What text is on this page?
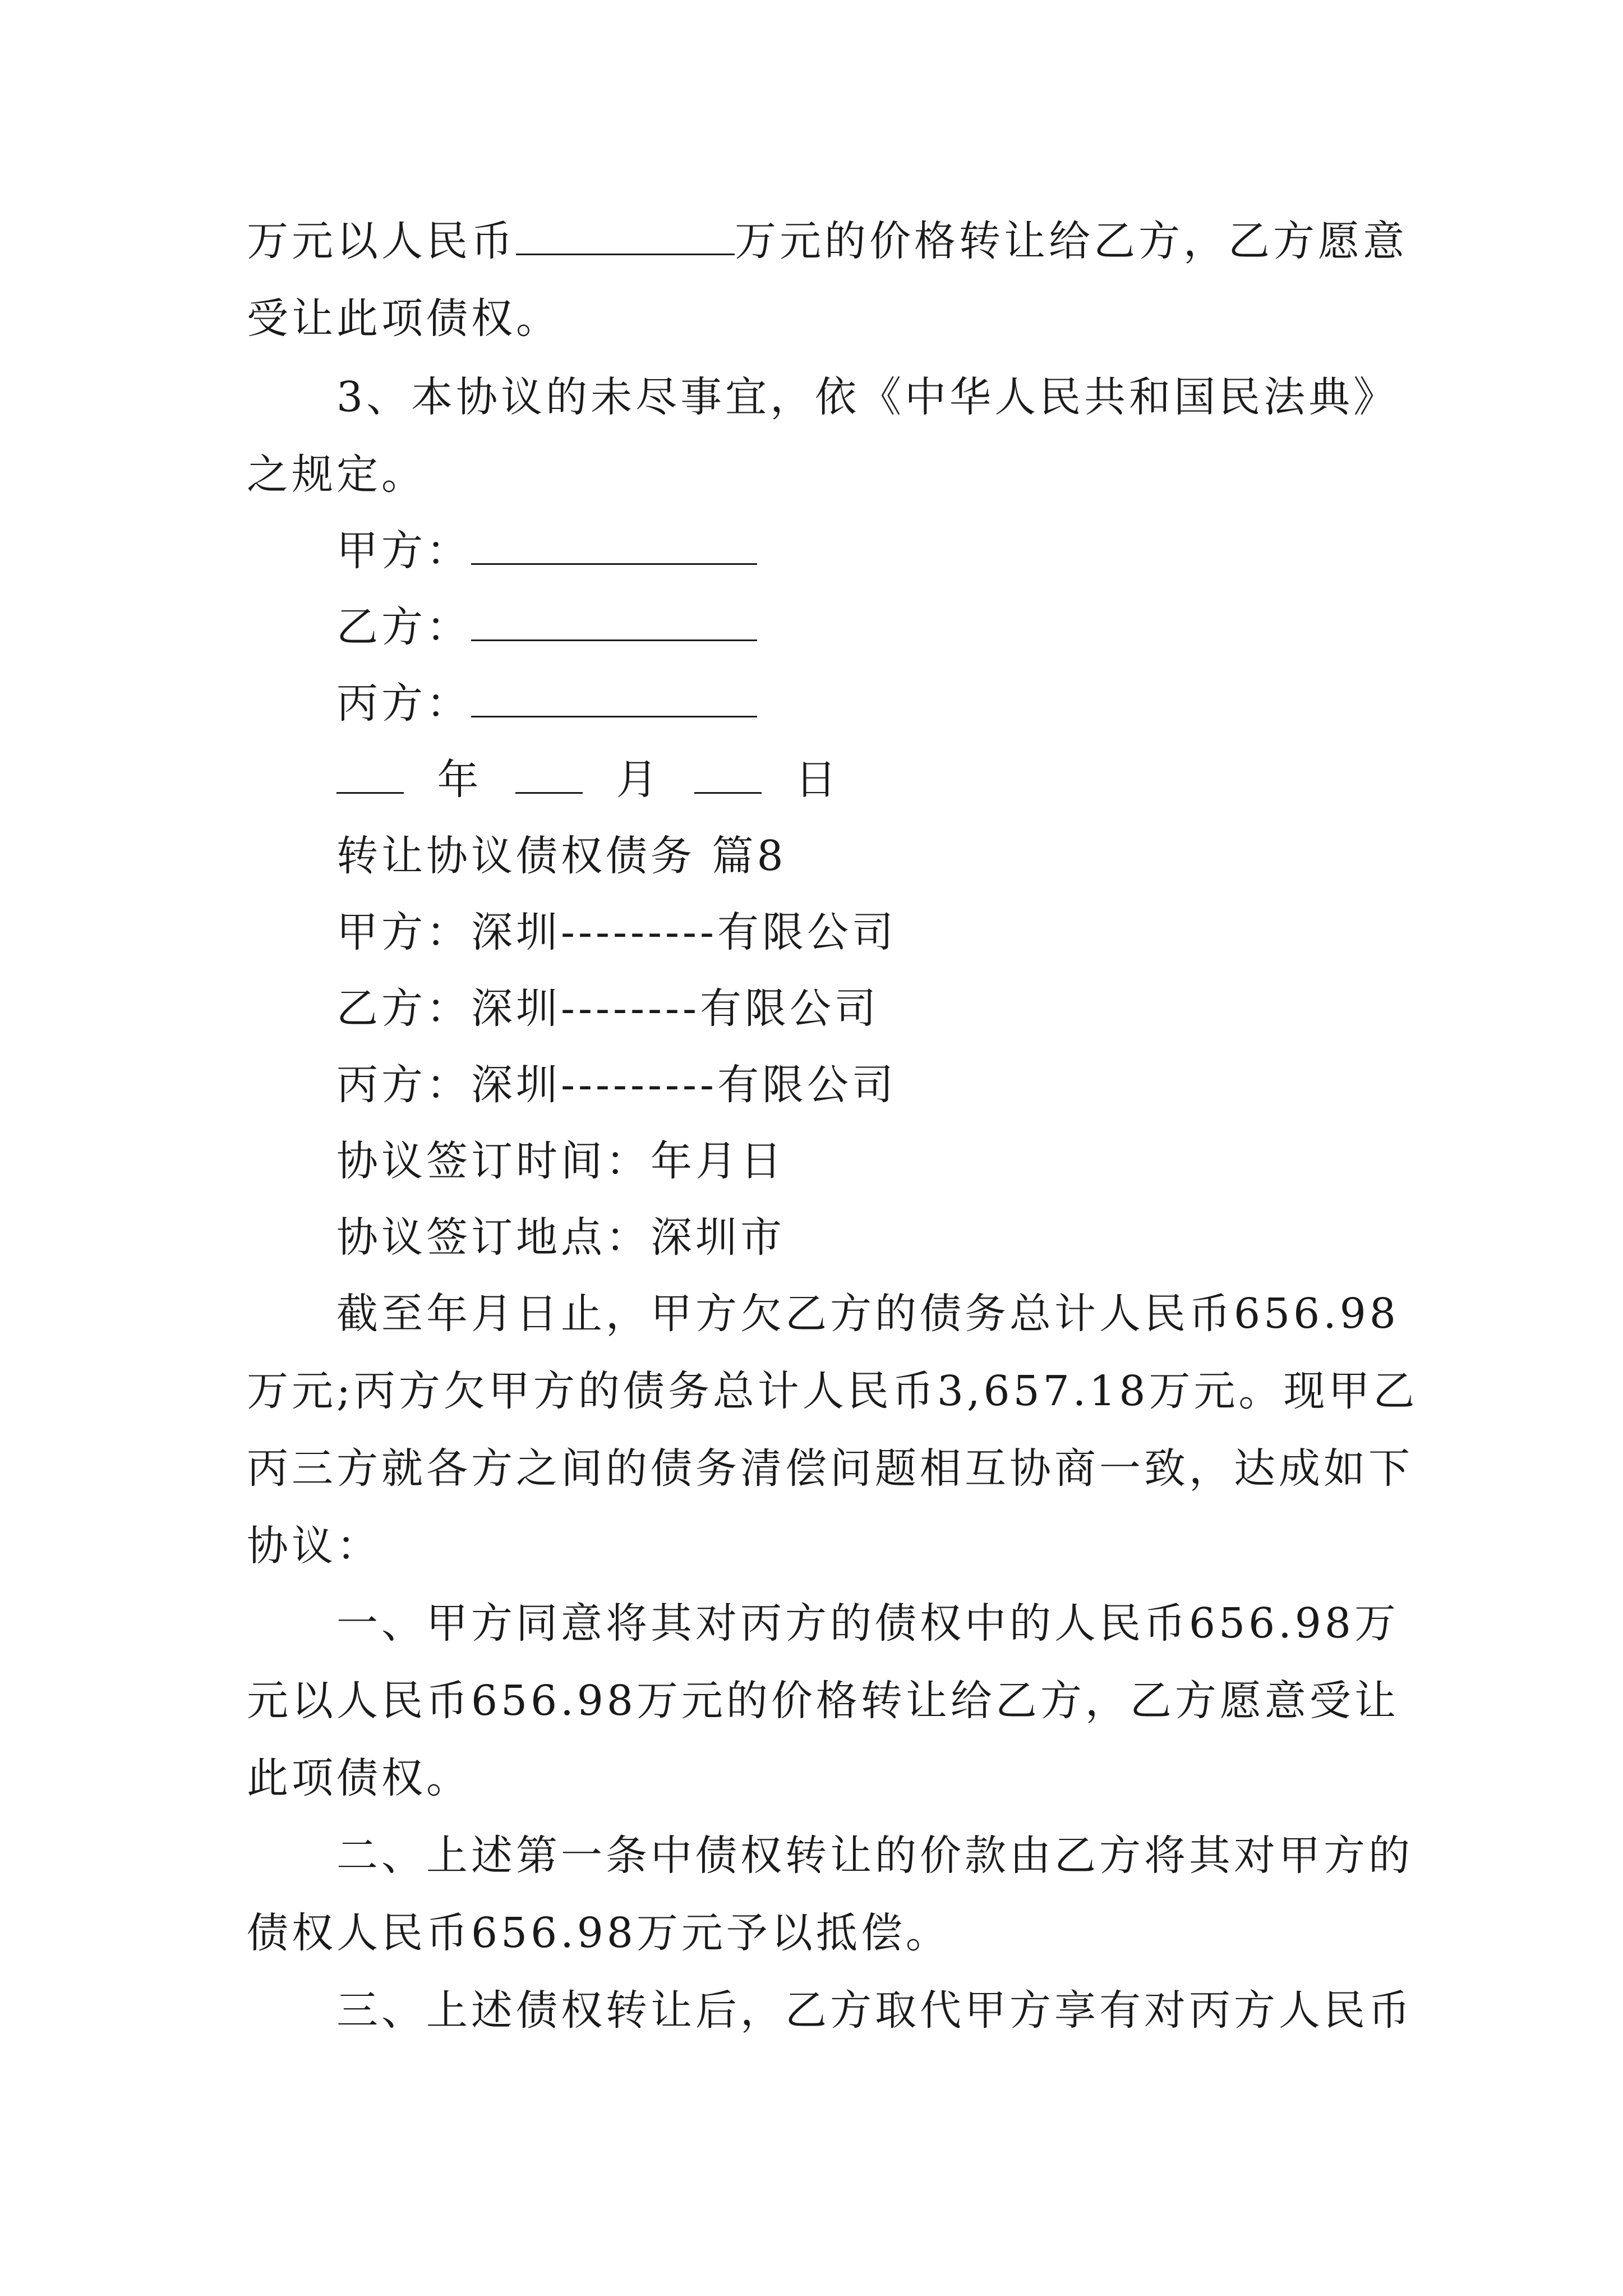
万元以人民币	万元的价格转让给乙方，乙方愿意
受让此项债权。
3、本协议的未尽事宜，依《中华人民共和国民法典》
之规定。
甲方：
乙方：
丙方：
年	月	日
转让协议债权债务 篇8
甲方：深圳---------有限公司
乙方：深圳--------有限公司
丙方：深圳---------有限公司
协议签订时间：年月日
协议签订地点：深圳市
截至年月日止，甲方欠乙方的债务总计人民币656.98
万元;丙方欠甲方的债务总计人民币3,657.18万元。现甲乙
丙三方就各方之间的债务清偿问题相互协商一致，达成如下
协议：
一、甲方同意将其对丙方的债权中的人民币656.98万
元以人民币656.98万元的价格转让给乙方，乙方愿意受让
此项债权。
二、上述第一条中债权转让的价款由乙方将其对甲方的
债权人民币656.98万元予以抵偿。
三、上述债权转让后，乙方取代甲方享有对丙方人民币
